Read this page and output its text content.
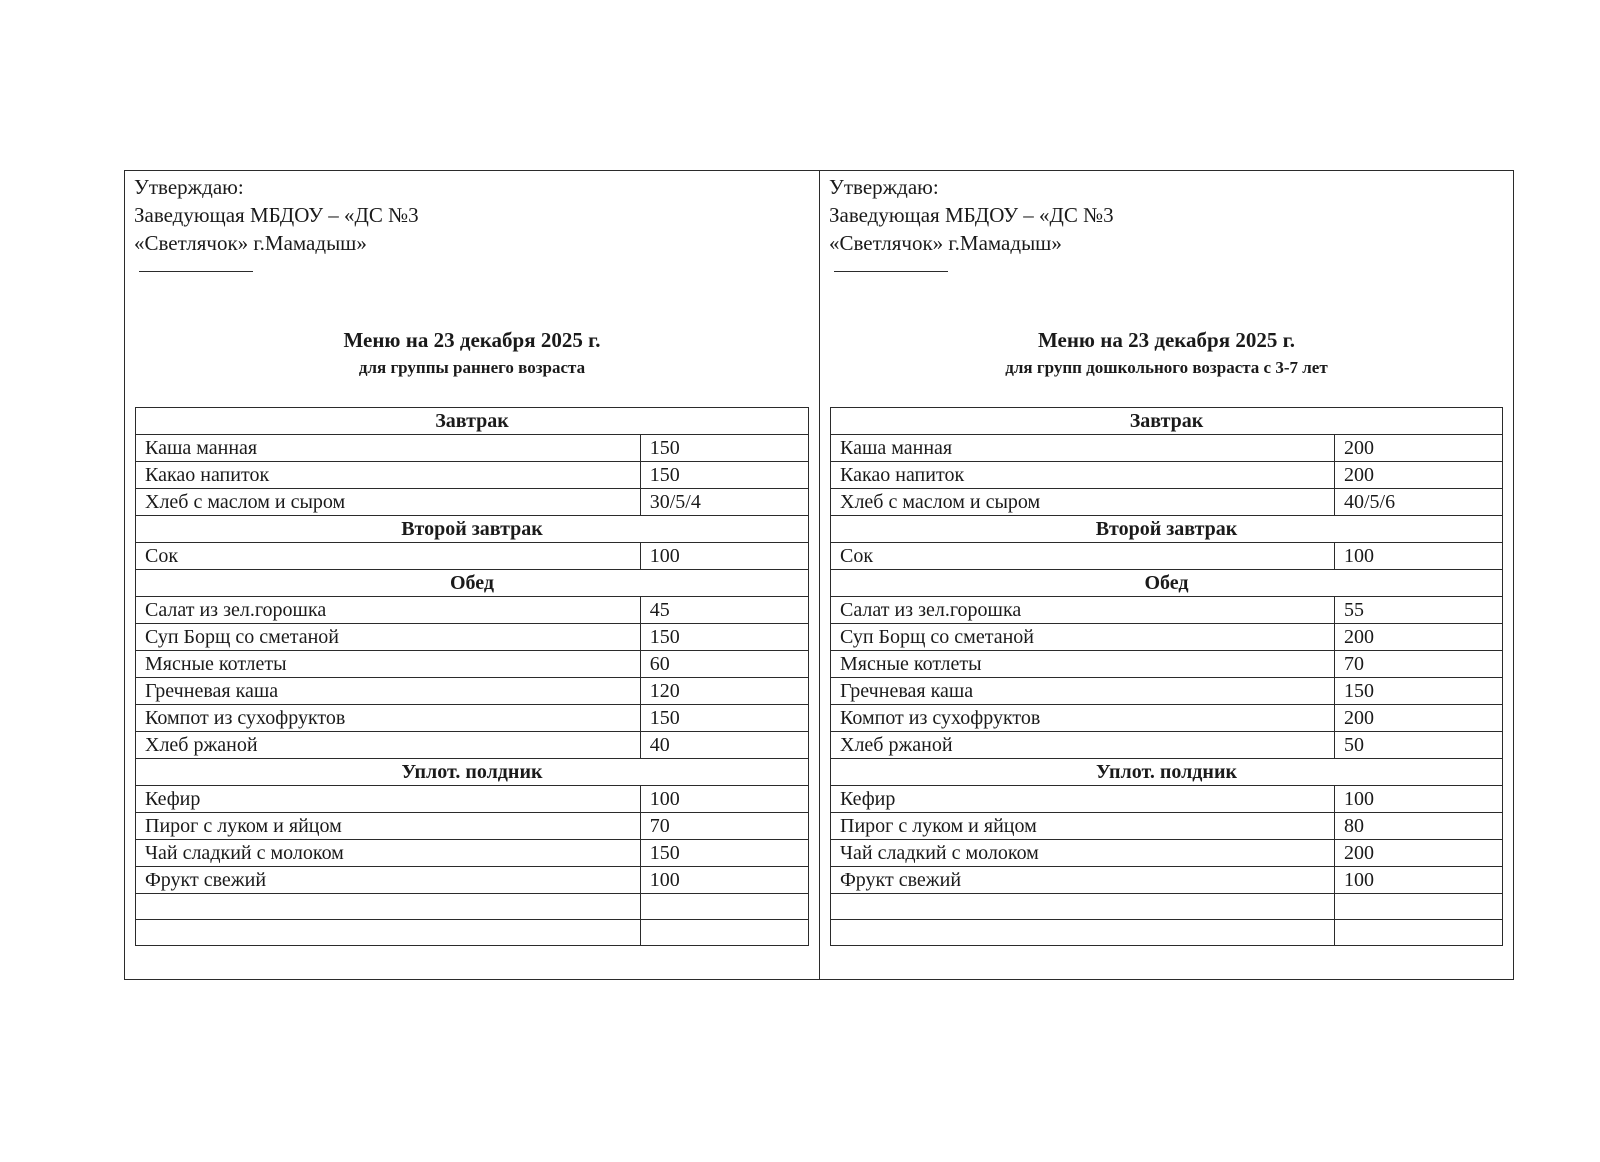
Утверждаю:
Заведующая МБДОУ – «ДС №3
«Светлячок» г.Мамадыш»
Меню на 23 декабря 2025 г.
для группы раннего возраста
Завтрак	
Каша манная	150
Какао напиток	150
Хлеб с маслом и сыром	30/5/4
Второй завтрак	
Сок	100
Обед	
Салат из зел.горошка	45
Суп Борщ со сметаной	150
Мясные котлеты	60
Гречневая каша	120
Компот из сухофруктов	150
Хлеб ржаной	40
Уплот. полдник	
Кефир	100
Пирог с луком и яйцом	70
Чай сладкий с молоком	150
Фрукт свежий	100

Утверждаю:
Заведующая МБДОУ – «ДС №3
«Светлячок» г.Мамадыш»
Меню на 23 декабря 2025 г.
для групп дошкольного возраста с 3-7 лет
Завтрак	
Каша манная	200
Какао напиток	200
Хлеб с маслом и сыром	40/5/6
Второй завтрак	
Сок	100
Обед	
Салат из зел.горошка	55
Суп Борщ со сметаной	200
Мясные котлеты	70
Гречневая каша	150
Компот из сухофруктов	200
Хлеб ржаной	50
Уплот. полдник	
Кефир	100
Пирог с луком и яйцом	80
Чай сладкий с молоком	200
Фрукт свежий	100
